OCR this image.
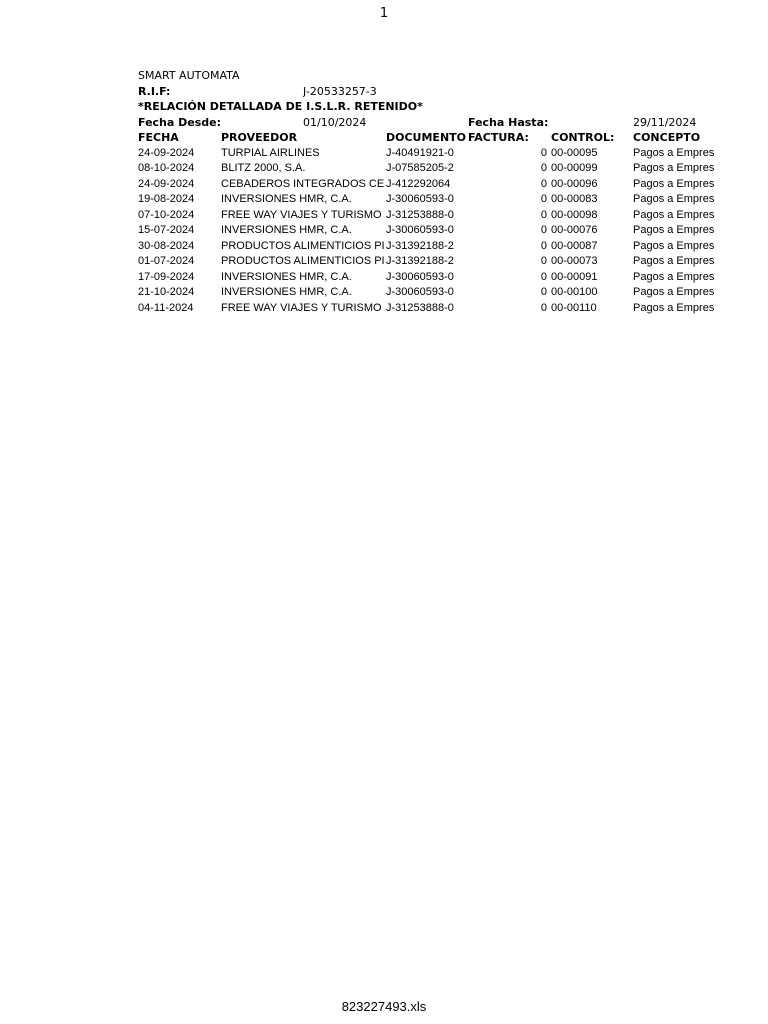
1
SMART AUTOMATA
R.I.F:	J-20533257-3
*RELACIÓN DETALLADA DE I.S.L.R. RETENIDO*
Fecha Desde:	01/10/2024	Fecha Hasta:	29/11/2024
FECHA	PROVEEDOR	DOCUMENTO FACTURA:	CONTROL:	CONCEPTO
24-09-2024	TURPIAL AIRLINES	J-40491921-0	0 00-00095	Pagos a Empres
08-10-2024	BLITZ 2000, S.A.	J-07585205-2	0 00-00099	Pagos a Empres
24-09-2024	CEBADEROS INTEGRADOS CE J-412292064	0 00-00096	Pagos a Empres
19-08-2024	INVERSIONES HMR, C.A.	J-30060593-0	0 00-00083	Pagos a Empres
07-10-2024	FREE WAY VIAJES Y TURISMO J-31253888-0	0 00-00098	Pagos a Empres
15-07-2024	INVERSIONES HMR, C.A.	J-30060593-0	0 00-00076	Pagos a Empres
30-08-2024	PRODUCTOS ALIMENTICIOS PI J-31392188-2	0 00-00087	Pagos a Empres
01-07-2024	PRODUCTOS ALIMENTICIOS PI J-31392188-2	0 00-00073	Pagos a Empres
17-09-2024	INVERSIONES HMR, C.A.	J-30060593-0	0 00-00091	Pagos a Empres
21-10-2024	INVERSIONES HMR, C.A.	J-30060593-0	0 00-00100	Pagos a Empres
04-11-2024	FREE WAY VIAJES Y TURISMO J-31253888-0	0 00-00110	Pagos a Empres
823227493.xls
